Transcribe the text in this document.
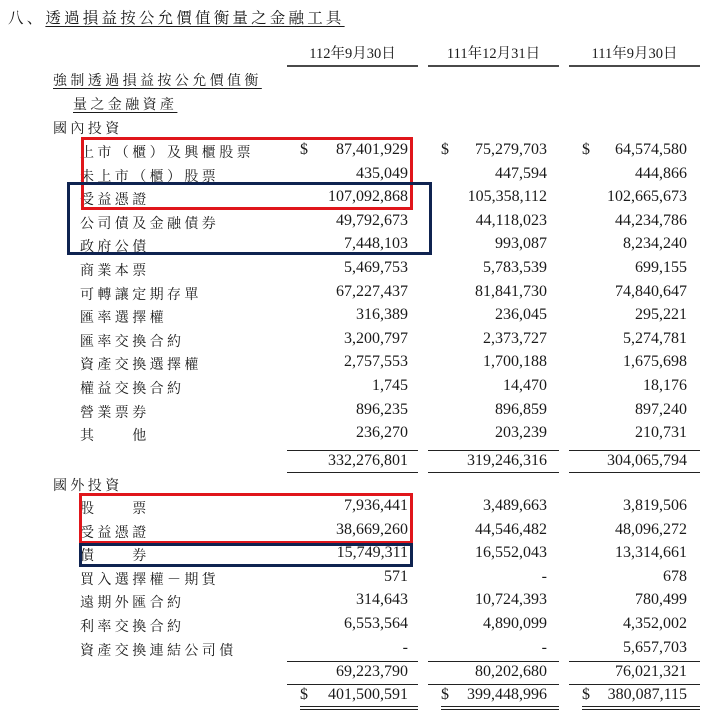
八、透過損益按公允價值衡量之金融工具
112年9月30日	111年12月31日	111年9月30日
強制透過損益按公允價值衡
量之金融資產
國內投資
上市（櫃）及興櫃股票	$	87,401,929 $	75,279,703 $	64,574,580
未上市（櫃）股票	435,049	447,594	444,866
受益憑證	107,092,868	105,358,112	102,665,673
公司債及金融債券	49,792,673	44,118,023	44,234,786
政府公債	7,448,103	993,087	8,234,240
商業本票	5,469,753	5,783,539	699,155
可轉讓定期存單	67,227,437	81,841,730	74,840,647
匯率選擇權	316,389	236,045	295,221
匯率交換合約	3,200,797	2,373,727	5,274,781
資產交換選擇權	2,757,553	1,700,188	1,675,698
權益交換合約	1,745	14,470	18,176
營業票券	896,235	896,859	897,240
其　　他	236,270	203,239	210,731
332,276,801	319,246,316	304,065,794
國外投資
股　　票	7,936,441	3,489,663	3,819,506
受益憑證	38,669,260	44,546,482	48,096,272
債　　券	15,749,311	16,552,043	13,314,661
買入選擇權－期貨	571	-	678
遠期外匯合約	314,643	10,724,393	780,499
利率交換合約	6,553,564	4,890,099	4,352,002
資產交換連結公司債	-	-	5,657,703
69,223,790	80,202,680	76,021,321
$	401,500,591 $	399,448,996 $	380,087,115
